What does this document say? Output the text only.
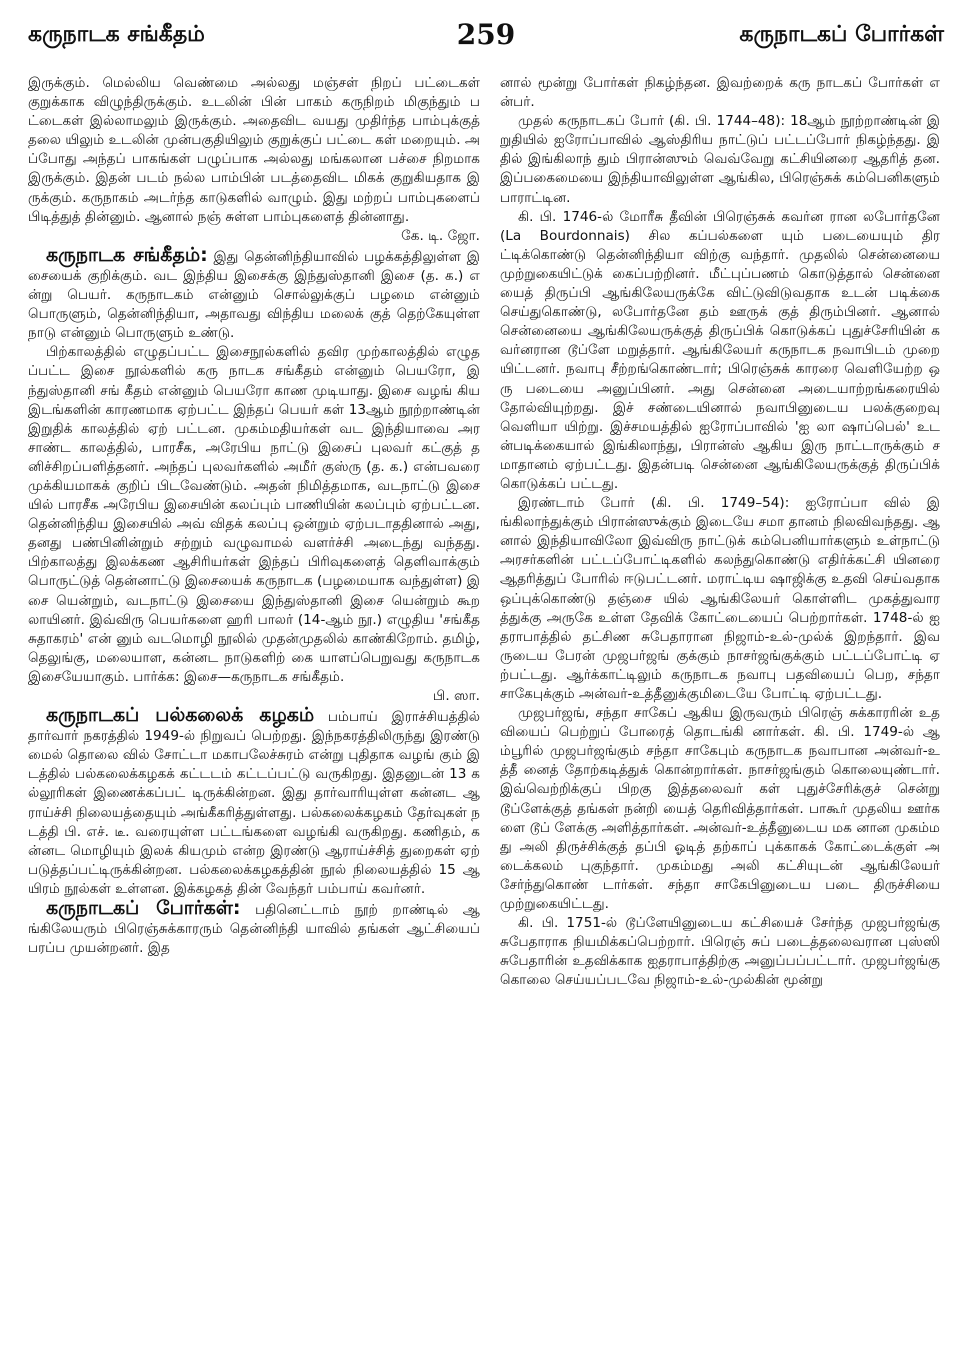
கருநாடக சங்கீதம்	259	கருநாடகப் போர்கள்

இருக்கும். மெல்லிய வெண்மை அல்லது மஞ்சள் நிறப் பட்டைகள் குறுக்காக விழுந்திருக்கும். உடலின் பின் பாகம் கருநிறம் மிகுந்தும் பட்டைகள் இல்லாமலும் இருக்கும். அதைவிட வயது முதிர்ந்த பாம்புக்குத் தலை யிலும் உடலின் முன்பகுதியிலும் குறுக்குப் பட்டை கள் மறையும். அப்போது அந்தப் பாகங்கள் பழுப்பாக அல்லது மங்கலான பச்சை நிறமாக இருக்கும். இதன் படம் நல்ல பாம்பின் படத்தைவிட மிகக் குறுகியதாக இருக்கும். கருநாகம் அடர்ந்த காடுகளில் வாழும். இது மற்றப் பாம்புகளைப் பிடித்துத் தின்னும். ஆனால் நஞ் சுள்ள பாம்புகளைத் தின்னாது.

கே. டி. ஜோ.

கருநாடக சங்கீதம்: இது தென்னிந்தியாவில் பழக்கத்திலுள்ள இசையைக் குறிக்கும். வட இந்திய இசைக்கு இந்துஸ்தானி இசை (த. க.) என்று பெயர். கருநாடகம் என்னும் சொல்லுக்குப் பழமை என்னும் பொருளும், தென்னிந்தியா, அதாவது விந்திய மலைக் குத் தெற்கேயுள்ள நாடு என்னும் பொருளும் உண்டு.

பிற்காலத்தில் எழுதப்பட்ட இசைநூல்களில் தவிர முற்காலத்தில் எழுதப்பட்ட இசை நூல்களில் கரு நாடக சங்கீதம் என்னும் பெயரோ, இந்துஸ்தானி சங் கீதம் என்னும் பெயரோ காண முடியாது. இசை வழங் கிய இடங்களின் காரணமாக ஏற்பட்ட இந்தப் பெயர் கள் 13ஆம் நூற்றாண்டின் இறுதிக் காலத்தில் ஏற் பட்டன. முகம்மதியர்கள் வட இந்தியாவை அரசாண்ட காலத்தில், பாரசீக, அரேபிய நாட்டு இசைப் புலவர் கட்குத் தனிச்சிறப்பளித்தனர். அந்தப் புலவர்களில் அமீர் குஸ்ரு (த. க.) என்பவரை முக்கியமாகக் குறிப் பிடவேண்டும். அதன் நிமித்தமாக, வடநாட்டு இசை யில் பாரசீக அரேபிய இசையின் கலப்பும் பாணியின் கலப்பும் ஏற்பட்டன. தென்னிந்திய இசையில் அவ் விதக் கலப்பு ஒன்றும் ஏற்படாததினால் அது, தனது பண்பினின்றும் சற்றும் வழுவாமல் வளர்ச்சி அடைந்து வந்தது. பிற்காலத்து இலக்கண ஆசிரியர்கள் இந்தப் பிரிவுகளைத் தெளிவாக்கும் பொருட்டுத் தென்னாட்டு இசையைக் கருநாடக (பழமையாக வந்துள்ள) இசை யென்றும், வடநாட்டு இசையை இந்துஸ்தானி இசை யென்றும் கூறலாயினர். இவ்விரு பெயர்களை ஹரி பாலர் (14-ஆம் நூ.) எழுதிய 'சங்கீத சுதாகரம்' என் னும் வடமொழி நூலில் முதன்முதலில் காண்கிறோம். தமிழ், தெலுங்கு, மலையாள, கன்னட நாடுகளிற் கை யாளப்பெறுவது கருநாடக இசையேயாகும். பார்க்க: இசை—கருநாடக சங்கீதம்.

பி. ஸா.

கருநாடகப் பல்கலைக் கழகம் பம்பாய் இராச்சியத்தில் தார்வார் நகரத்தில் 1949-ல் நிறுவப் பெற்றது. இந்நகரத்திலிருந்து இரண்டு மைல் தொலை வில் சோட்டா மகாபலேச்சுரம் என்று புதிதாக வழங் கும் இடத்தில் பல்கலைக்கழகக் கட்டடம் கட்டப்பட்டு வருகிறது. இதனுடன் 13 கல்லூரிகள் இணைக்கப்பட் டிருக்கின்றன. இது தார்வாரியுள்ள கன்னட ஆராய்ச்சி நிலையத்தையும் அங்கீகரித்துள்ளது. பல்கலைக்கழகம் தேர்வுகள் நடத்தி பி. எச். டீ. வரையுள்ள பட்டங்களை வழங்கி வருகிறது. கணிதம், கன்னட மொழியும் இலக் கியமும் என்ற இரண்டு ஆராய்ச்சித் துறைகள் ஏற் படுத்தப்பட்டிருக்கின்றன. பல்கலைக்கழகத்தின் நூல் நிலையத்தில் 15 ஆயிரம் நூல்கள் உள்ளன. இக்கழகத் தின் வேந்தர் பம்பாய் கவர்னர்.

கருநாடகப் போர்கள்: பதினெட்டாம் நூற் றாண்டில் ஆங்கிலேயரும் பிரெஞ்சுக்காரரும் தென்னிந்தி யாவில் தங்கள் ஆட்சியைப் பரப்ப முயன்றனர். இத

னால் மூன்று போர்கள் நிகழ்ந்தன. இவற்றைக் கரு நாடகப் போர்கள் என்பர்.

முதல் கருநாடகப் போர் (கி. பி. 1744–48): 18ஆம் நூற்றாண்டின் இறுதியில் ஐரோப்பாவில் ஆஸ்திரிய நாட்டுப் பட்டப்போர் நிகழ்ந்தது. இதில் இங்கிலாந் தும் பிரான்ஸும் வெவ்வேறு கட்சியினரை ஆதரித் தன. இப்பகைமையை இந்தியாவிலுள்ள ஆங்கில, பிரெஞ்சுக் கம்பெனிகளும் பாராட்டின.

கி. பி. 1746-ல் மோரீசு தீவின் பிரெஞ்சுக் கவர்ன ரான லபோர்தனே (La Bourdonnais) சில கப்பல்களை யும் படையையும் திரட்டிக்கொண்டு தென்னிந்தியா விற்கு வந்தார். முதலில் சென்னையை முற்றுகையிட்டுக் கைப்பற்றினர். மீட்புப்பணம் கொடுத்தால் சென்னை யைத் திருப்பி ஆங்கிலேயருக்கே விட்டுவிடுவதாக உடன் படிக்கை செய்துகொண்டு, லபோர்தனே தம் ஊருக் குத் திரும்பினர். ஆனால் சென்னையை ஆங்கிலேயருக்குத் திருப்பிக் கொடுக்கப் புதுச்சேரியின் கவர்னரான டூப்ளே மறுத்தார். ஆங்கிலேயர் கருநாடக நவாபிடம் முறை யிட்டனர். நவாபு சீற்றங்கொண்டார்; பிரெஞ்சுக் காரரை வெளியேற்ற ஒரு படையை அனுப்பினர். அது சென்னை அடையாற்றங்கரையில் தோல்வியுற்றது. இச் சண்டையினால் நவாபினுடைய பலக்குறைவு வெளியா யிற்று. இச்சமயத்தில் ஐரோப்பாவில் 'ஐ லா ஷாப்பெல்' உடன்படிக்கையால் இங்கிலாந்து, பிரான்ஸ் ஆகிய இரு நாட்டாருக்கும் சமாதானம் ஏற்பட்டது. இதன்படி சென்னை ஆங்கிலேயருக்குத் திருப்பிக் கொடுக்கப் பட்டது.

இரண்டாம் போர் (கி. பி. 1749–54): ஐரோப்பா வில் இங்கிலாந்துக்கும் பிரான்ஸுக்கும் இடையே சமா தானம் நிலவிவந்தது. ஆனால் இந்தியாவிலோ இவ்விரு நாட்டுக் கம்பெனியார்களும் உள்நாட்டு அரசர்களின் பட்டப்போட்டிகளில் கலந்துகொண்டு எதிர்க்கட்சி யினரை ஆதரித்துப் போரில் ஈடுபட்டனர். மராட்டிய ஷாஜிக்கு உதவி செய்வதாக ஒப்புக்கொண்டு தஞ்சை யில் ஆங்கிலேயர் கொள்ளிட முகத்துவாரத்துக்கு அருகே உள்ள தேவிக் கோட்டையைப் பெற்றார்கள். 1748-ல் ஐதராபாத்தில் தட்சிண சுபேதாரான நிஜாம்-உல்-முல்க் இறந்தார். இவருடைய பேரன் முஜபர்ஜங் குக்கும் நாசர்ஜங்குக்கும் பட்டப்போட்டி ஏற்பட்டது. ஆர்க்காட்டிலும் கருநாடக நவாபு பதவியைப் பெற, சந்தா சாகேபுக்கும் அன்வர்-உத்தீனுக்குமிடையே போட்டி ஏற்பட்டது.

முஜபர்ஜங், சந்தா சாகேப் ஆகிய இருவரும் பிரெஞ் சுக்காரரின் உதவியைப் பெற்றுப் போரைத் தொடங்கி னார்கள். கி. பி. 1749-ல் ஆம்பூரில் முஜபர்ஜங்கும் சந்தா சாகேபும் கருநாடக நவாபான அன்வர்-உத்தீ னைத் தோற்கடித்துக் கொன்றார்கள். நாசர்ஜங்கும் கொலையுண்டார். இவ்வெற்றிக்குப் பிறகு இத்தலைவர் கள் புதுச்சேரிக்குச் சென்று டூப்ளேக்குத் தங்கள் நன்றி யைத் தெரிவித்தார்கள். பாகூர் முதலிய ஊர்களை டூப் ளேக்கு அளித்தார்கள். அன்வர்-உத்தீனுடைய மக னான முகம்மது அலி திருச்சிக்குத் தப்பி ஓடித் தற்காப் புக்காகக் கோட்டைக்குள் அடைக்கலம் புகுந்தார். முகம்மது அலி கட்சியுடன் ஆங்கிலேயர் சேர்ந்துகொண் டார்கள். சந்தா சாகேபினுடைய படை திருச்சியை முற்றுகையிட்டது.

கி. பி. 1751-ல் டூப்ளேயினுடைய கட்சியைச் சேர்ந்த முஜபர்ஜங்கு சுபேதாராக நியமிக்கப்பெற்றார். பிரெஞ் சுப் படைத்தலைவரான புஸ்ஸி சுபேதாரின் உதவிக்காக ஐதராபாத்திற்கு அனுப்பப்பட்டார். முஜபர்ஜங்கு கொலை செய்யப்படவே நிஜாம்-உல்-முல்கின் மூன்று
